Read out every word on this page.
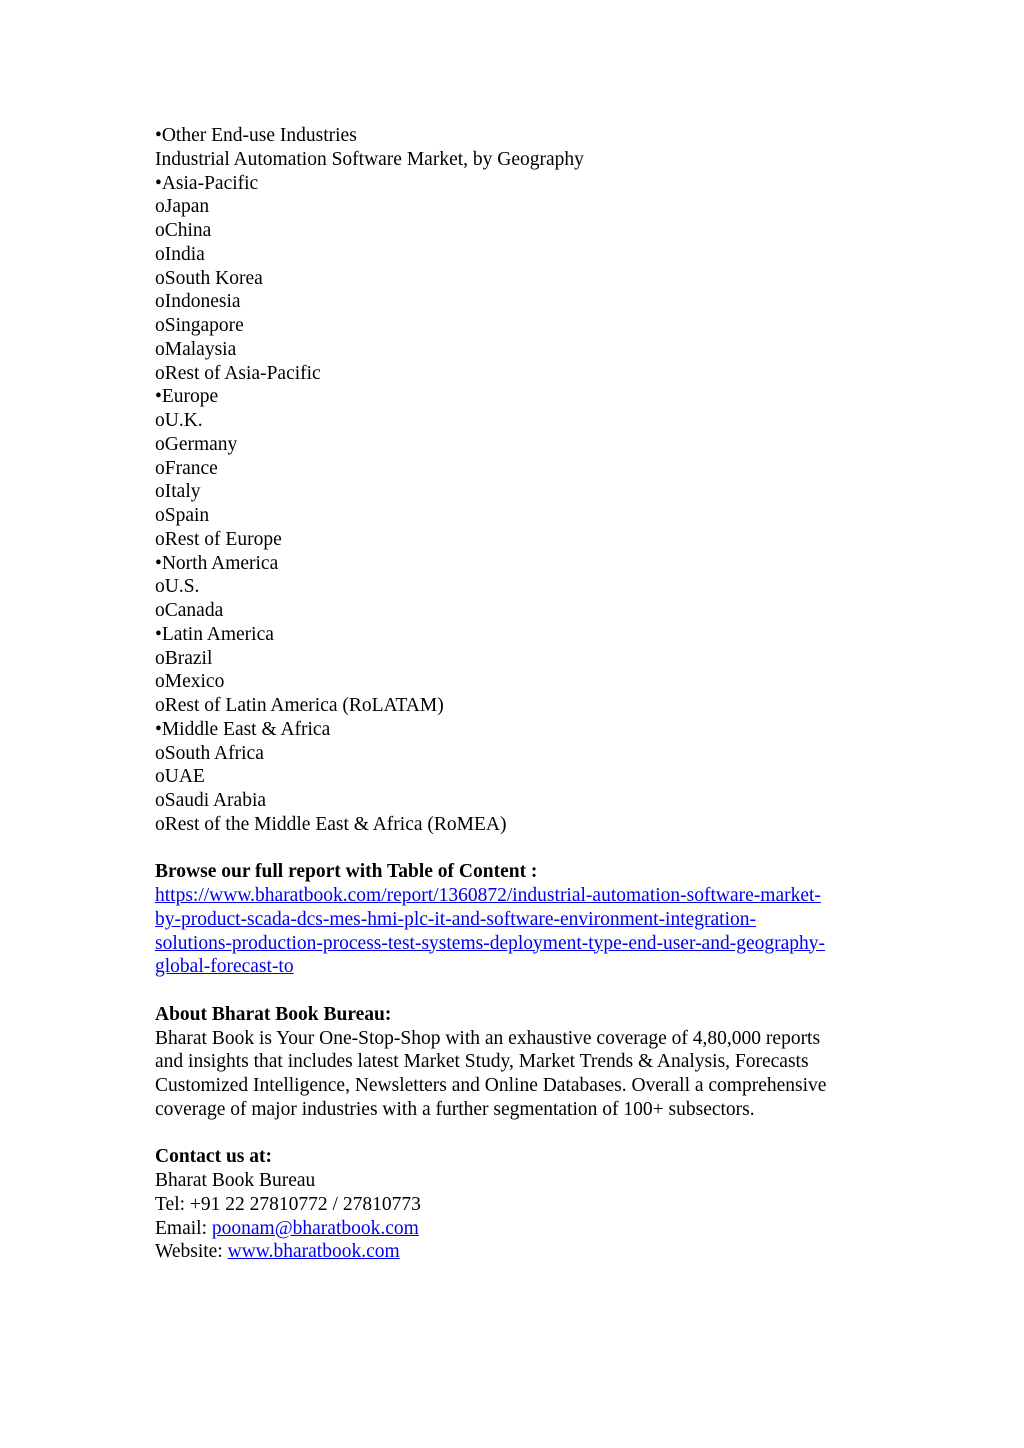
•Other End-use Industries
Industrial Automation Software Market, by Geography
•Asia-Pacific
oJapan
oChina
oIndia
oSouth Korea
oIndonesia
oSingapore
oMalaysia
oRest of Asia-Pacific
•Europe
oU.K.
oGermany
oFrance
oItaly
oSpain
oRest of Europe
•North America
oU.S.
oCanada
•Latin America
oBrazil
oMexico
oRest of Latin America (RoLATAM)
•Middle East & Africa
oSouth Africa
oUAE
oSaudi Arabia
oRest of the Middle East & Africa (RoMEA)
Browse our full report with Table of Content :
https://www.bharatbook.com/report/1360872/industrial-automation-software-market-
by-product-scada-dcs-mes-hmi-plc-it-and-software-environment-integration-
solutions-production-process-test-systems-deployment-type-end-user-and-geography-
global-forecast-to
About Bharat Book Bureau:
Bharat Book is Your One-Stop-Shop with an exhaustive coverage of 4,80,000 reports
and insights that includes latest Market Study, Market Trends & Analysis, Forecasts
Customized Intelligence, Newsletters and Online Databases. Overall a comprehensive
coverage of major industries with a further segmentation of 100+ subsectors.
Contact us at:
Bharat Book Bureau
Tel: +91 22 27810772 / 27810773
Email: poonam@bharatbook.com
Website: www.bharatbook.com
